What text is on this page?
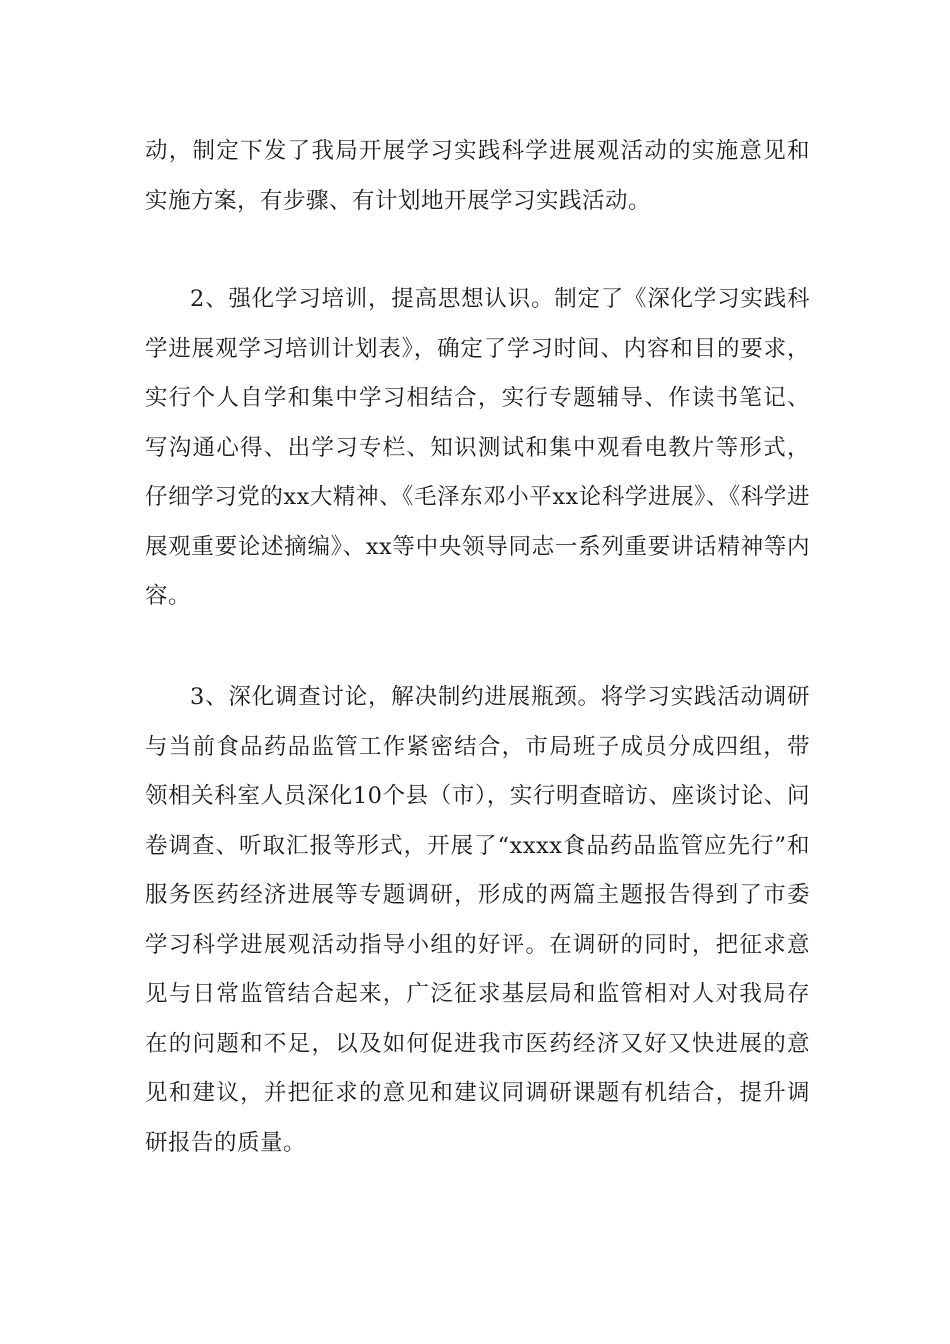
动，制定下发了我局开展学习实践科学进展观活动的实施意见和实施方案，有步骤、有计划地开展学习实践活动。

2、强化学习培训，提高思想认识。制定了《深化学习实践科学进展观学习培训计划表》，确定了学习时间、内容和目的要求，实行个人自学和集中学习相结合，实行专题辅导、作读书笔记、写沟通心得、出学习专栏、知识测试和集中观看电教片等形式，仔细学习党的xx大精神、《毛泽东邓小平xx论科学进展》、《科学进展观重要论述摘编》、xx等中央领导同志一系列重要讲话精神等内容。

3、深化调查讨论，解决制约进展瓶颈。将学习实践活动调研与当前食品药品监管工作紧密结合，市局班子成员分成四组，带领相关科室人员深化10个县（市），实行明查暗访、座谈讨论、问卷调查、听取汇报等形式，开展了“xxxx食品药品监管应先行”和服务医药经济进展等专题调研，形成的两篇主题报告得到了市委学习科学进展观活动指导小组的好评。在调研的同时，把征求意见与日常监管结合起来，广泛征求基层局和监管相对人对我局存在的问题和不足，以及如何促进我市医药经济又好又快进展的意见和建议，并把征求的意见和建议同调研课题有机结合，提升调研报告的质量。
